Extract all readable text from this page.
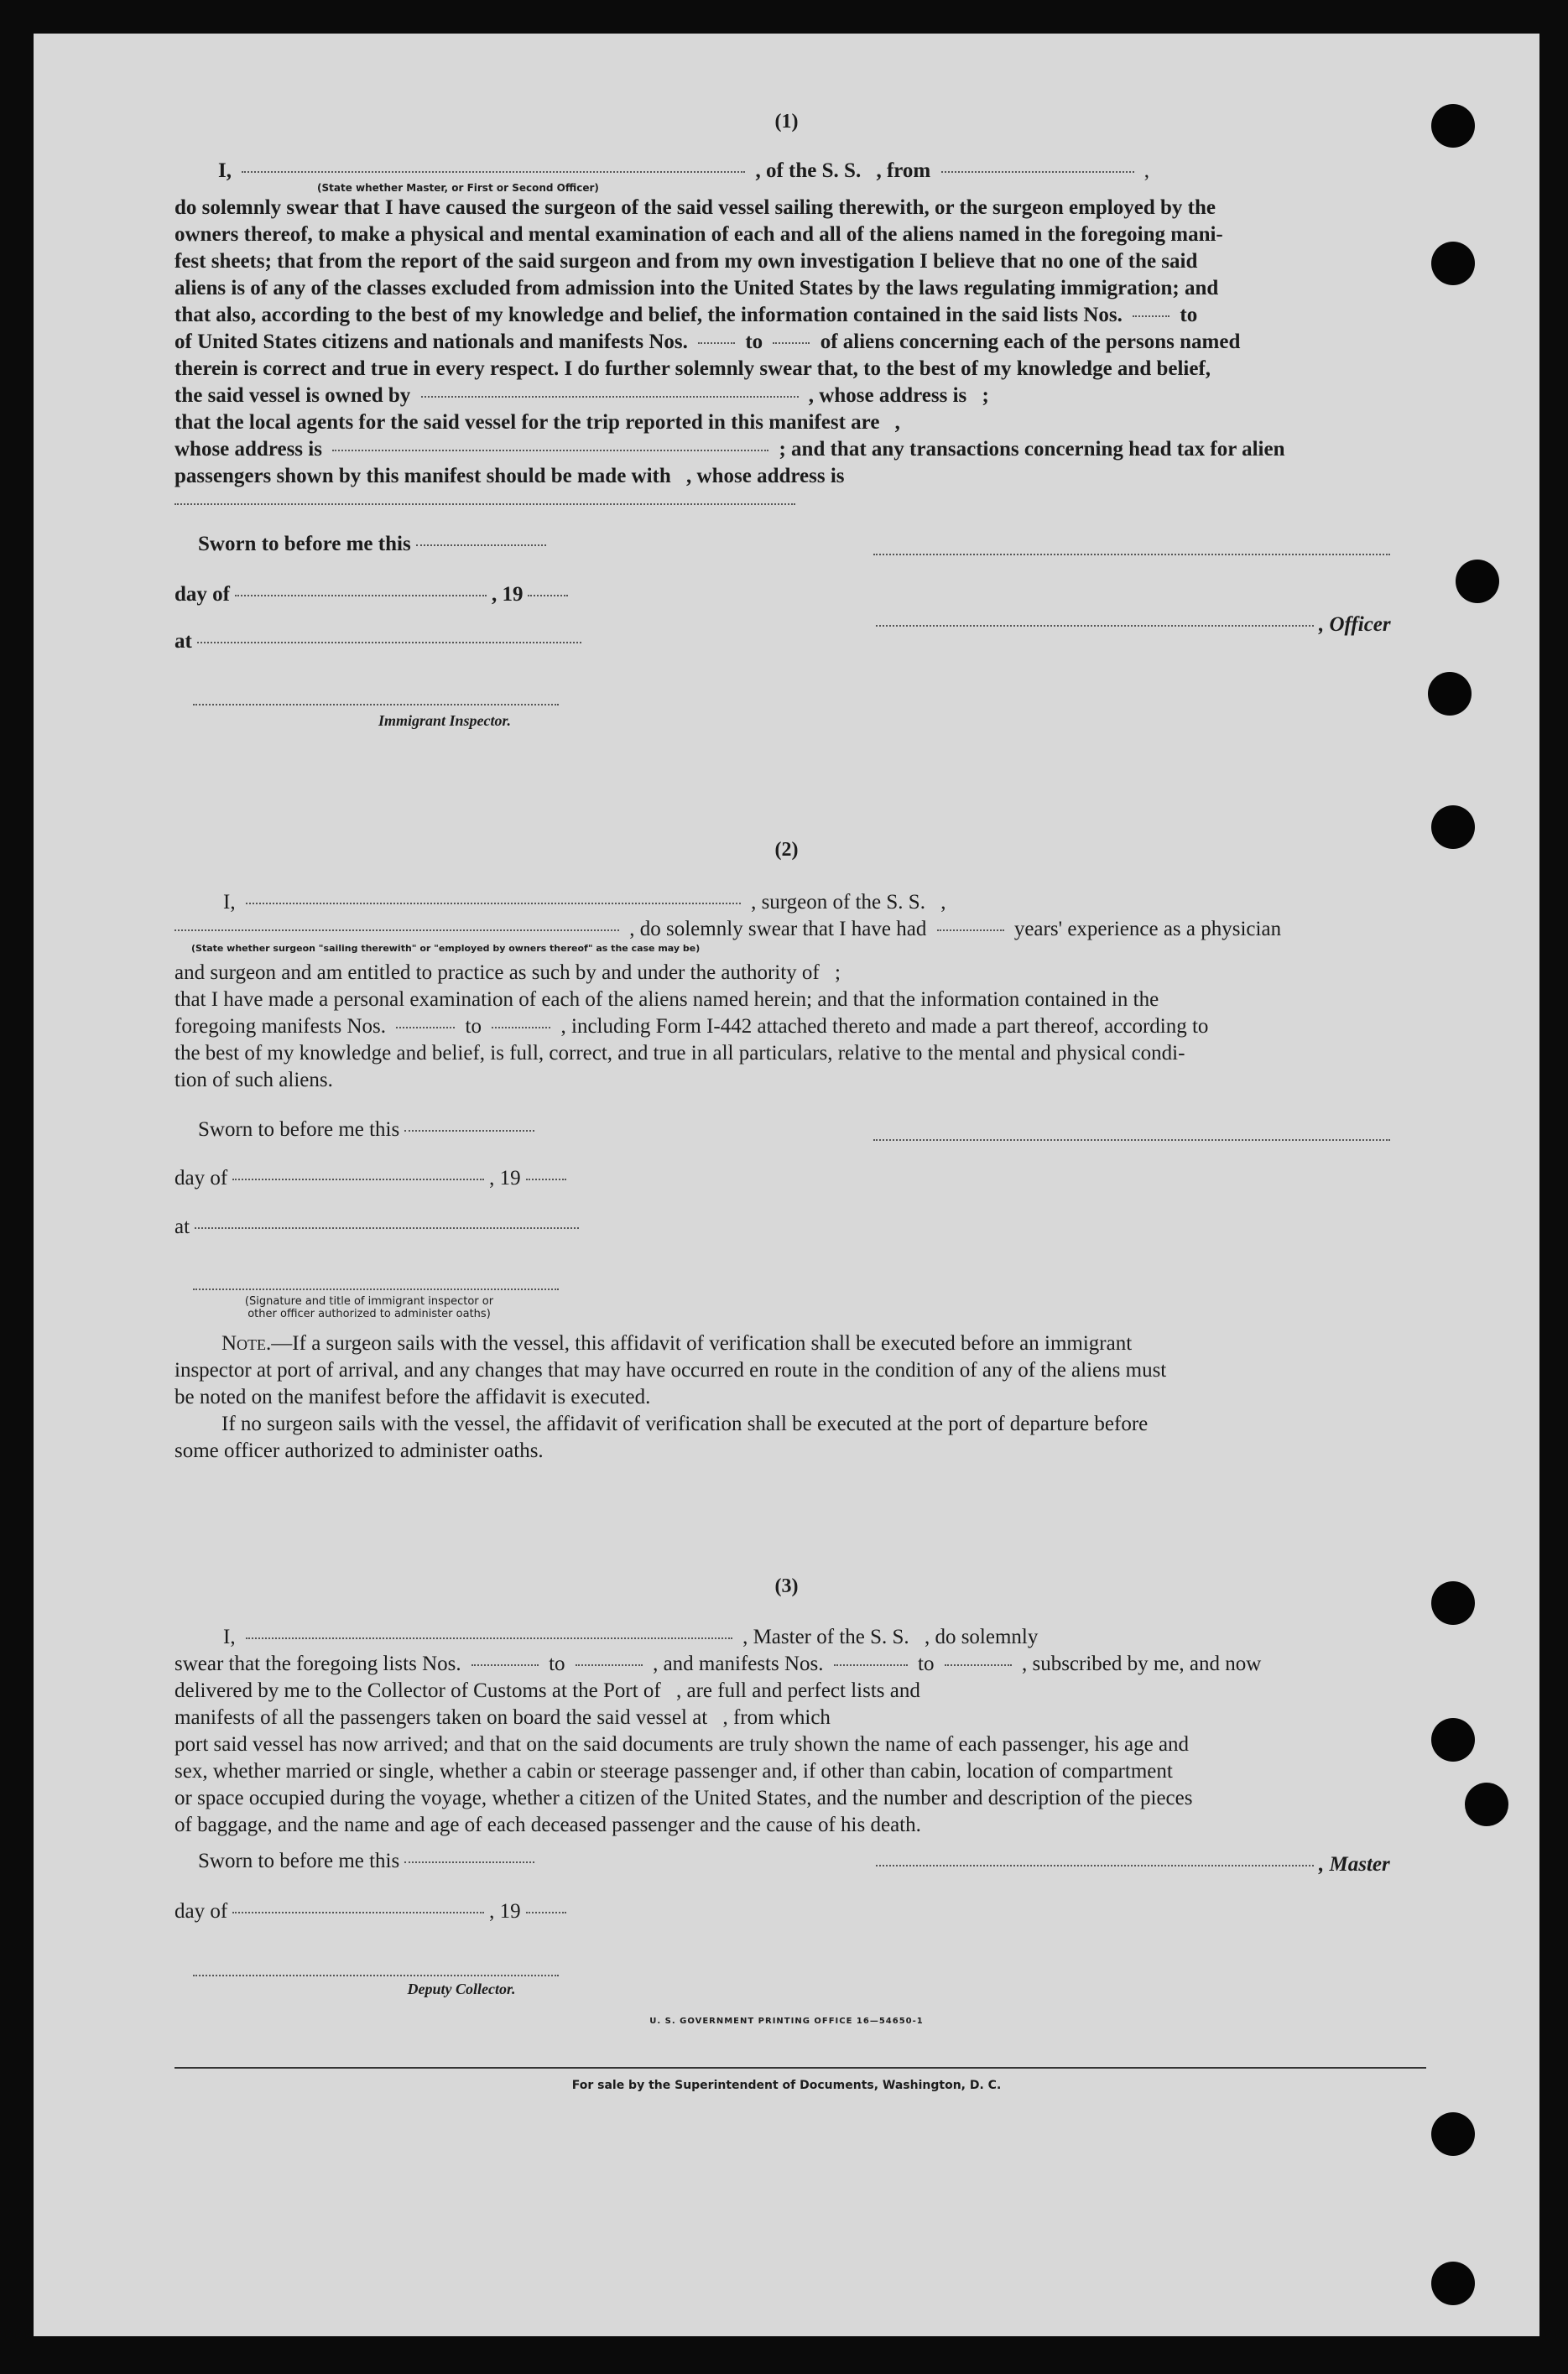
(1)
I,	, of the S. S. , from	,
(State whether Master, or First or Second Officer)
do solemnly swear that I have caused the surgeon of the said vessel sailing therewith, or the surgeon employed by the
owners thereof, to make a physical and mental examination of each and all of the aliens named in the foregoing mani-
fest sheets; that from the report of the said surgeon and from my own investigation I believe that no one of the said
aliens is of any of the classes excluded from admission into the United States by the laws regulating immigration; and
that also, according to the best of my knowledge and belief, the information contained in the said lists Nos.	to
of United States citizens and nationals and manifests Nos.	to	of aliens concerning each of the persons named
therein is correct and true in every respect. I do further solemnly swear that, to the best of my knowledge and belief,
the said vessel is owned by	, whose address is ;
that the local agents for the said vessel for the trip reported in this manifest are ,
whose address is	; and that any transactions concerning head tax for alien
passengers shown by this manifest should be made with , whose address is
Sworn to before me this
day of	, 19
at
Immigrant Inspector.
, Officer
(2)
I,	, surgeon of the S. S. ,
, do solemnly swear that I have had	years' experience as a physician
(State whether surgeon "sailing therewith" or "employed by owners thereof" as the case may be)
and surgeon and am entitled to practice as such by and under the authority of ;
that I have made a personal examination of each of the aliens named herein; and that the information contained in the
foregoing manifests Nos.	to	, including Form I-442 attached thereto and made a part thereof, according to
the best of my knowledge and belief, is full, correct, and true in all particulars, relative to the mental and physical condi-
tion of such aliens.
Sworn to before me this
day of	, 19
at
(Signature and title of immigrant inspector or
other officer authorized to administer oaths)
Note.—If a surgeon sails with the vessel, this affidavit of verification shall be executed before an immigrant
inspector at port of arrival, and any changes that may have occurred en route in the condition of any of the aliens must
be noted on the manifest before the affidavit is executed.
If no surgeon sails with the vessel, the affidavit of verification shall be executed at the port of departure before
some officer authorized to administer oaths.
(3)
I,	, Master of the S. S. , do solemnly
swear that the foregoing lists Nos.	to	, and manifests Nos.	to	, subscribed by me, and now
delivered by me to the Collector of Customs at the Port of , are full and perfect lists and
manifests of all the passengers taken on board the said vessel at , from which
port said vessel has now arrived; and that on the said documents are truly shown the name of each passenger, his age and
sex, whether married or single, whether a cabin or steerage passenger and, if other than cabin, location of compartment
or space occupied during the voyage, whether a citizen of the United States, and the number and description of the pieces
of baggage, and the name and age of each deceased passenger and the cause of his death.
Sworn to before me this
day of	, 19
Deputy Collector.
, Master
U. S. GOVERNMENT PRINTING OFFICE 16—54650-1
For sale by the Superintendent of Documents, Washington, D. C.
